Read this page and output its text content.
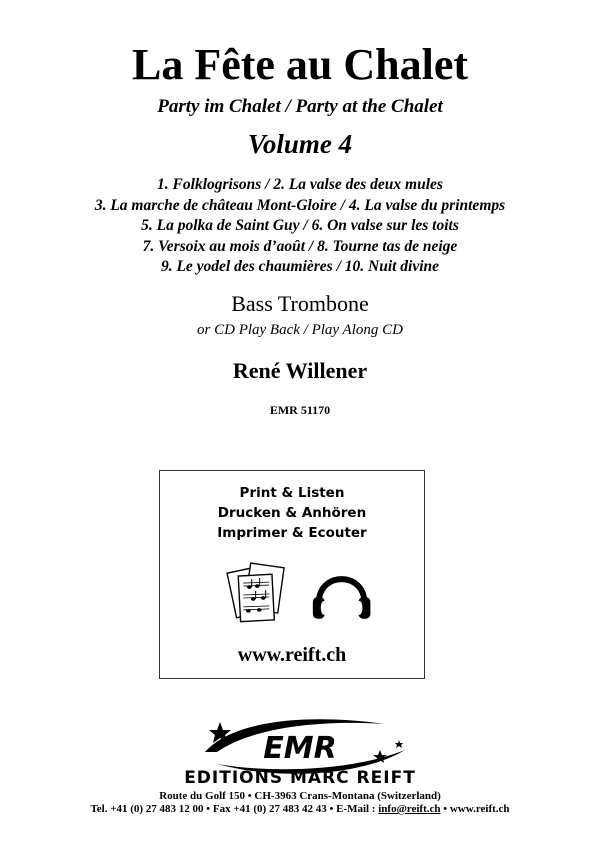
La Fête au Chalet
Party im Chalet / Party at the Chalet
Volume 4
1. Folklogrisons / 2. La valse des deux mules
3. La marche de château Mont-Gloire / 4. La valse du printemps
5. La polka de Saint Guy / 6. On valse sur les toits
7. Versoix au mois d’août / 8. Tourne tas de neige
9. Le yodel des chaumières / 10. Nuit divine
Bass Trombone
or CD Play Back / Play Along CD
René Willener
EMR 51170
Print & Listen
Drucken & Anhören
Imprimer & Ecouter
www.reift.ch
EMR
EDITIONS MARC REIFT
Route du Golf 150 • CH-3963 Crans-Montana (Switzerland)
Tel. +41 (0) 27 483 12 00 • Fax +41 (0) 27 483 42 43 • E-Mail : info@reift.ch • www.reift.ch
